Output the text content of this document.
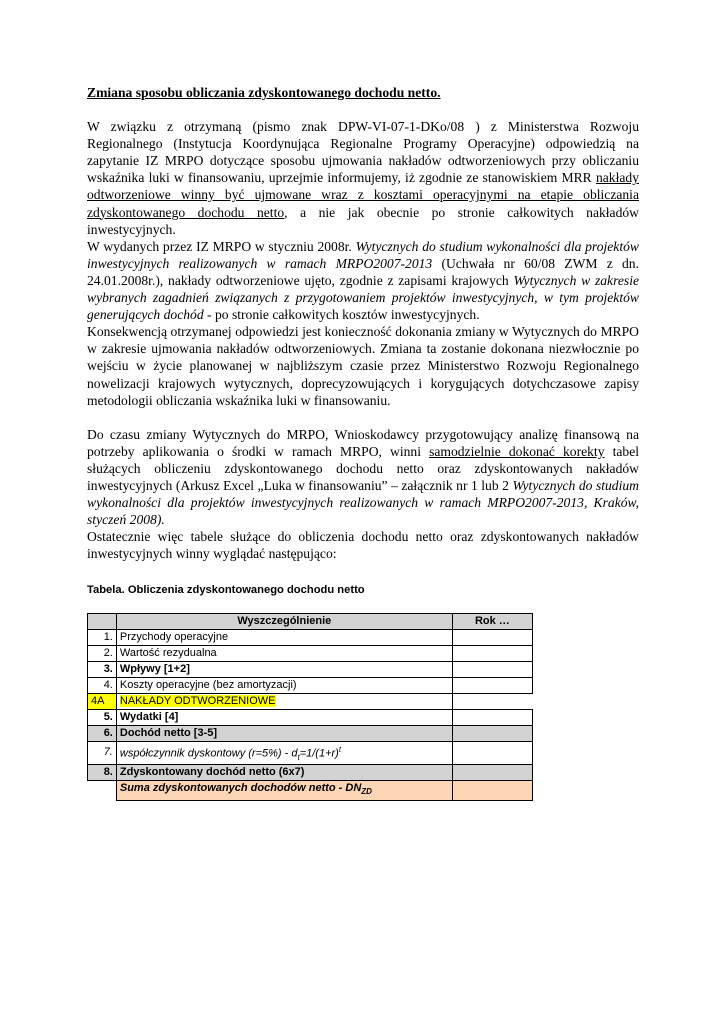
Zmiana sposobu obliczania zdyskontowanego dochodu netto.

W związku z otrzymaną (pismo znak DPW-VI-07-1-DKo/08 ) z Ministerstwa Rozwoju Regionalnego (Instytucja Koordynująca Regionalne Programy Operacyjne) odpowiedzią na zapytanie IZ MRPO dotyczące sposobu ujmowania nakładów odtworzeniowych przy obliczaniu wskaźnika luki w finansowaniu, uprzejmie informujemy, iż zgodnie ze stanowiskiem MRR nakłady odtworzeniowe winny być ujmowane wraz z kosztami operacyjnymi na etapie obliczania zdyskontowanego dochodu netto, a nie jak obecnie po stronie całkowitych nakładów inwestycyjnych.

W wydanych przez IZ MRPO w styczniu 2008r. Wytycznych do studium wykonalności dla projektów inwestycyjnych realizowanych w ramach MRPO2007-2013 (Uchwała nr 60/08 ZWM z dn. 24.01.2008r.), nakłady odtworzeniowe ujęto, zgodnie z zapisami krajowych Wytycznych w zakresie wybranych zagadnień związanych z przygotowaniem projektów inwestycyjnych, w tym projektów generujących dochód - po stronie całkowitych kosztów inwestycyjnych.

Konsekwencją otrzymanej odpowiedzi jest konieczność dokonania zmiany w Wytycznych do MRPO w zakresie ujmowania nakładów odtworzeniowych. Zmiana ta zostanie dokonana niezwłocznie po wejściu w życie planowanej w najbliższym czasie przez Ministerstwo Rozwoju Regionalnego nowelizacji krajowych wytycznych, doprecyzowujących i korygujących dotychczasowe zapisy metodologii obliczania wskaźnika luki w finansowaniu.

Do czasu zmiany Wytycznych do MRPO, Wnioskodawcy przygotowujący analizę finansową na potrzeby aplikowania o środki w ramach MRPO, winni samodzielnie dokonać korekty tabel służących obliczeniu zdyskontowanego dochodu netto oraz zdyskontowanych nakładów inwestycyjnych (Arkusz Excel „Luka w finansowaniu” – załącznik nr 1 lub 2 Wytycznych do studium wykonalności dla projektów inwestycyjnych realizowanych w ramach MRPO2007-2013, Kraków, styczeń 2008).

Ostatecznie więc tabele służące do obliczenia dochodu netto oraz zdyskontowanych nakładów inwestycyjnych winny wyglądać następująco:

Tabela. Obliczenia zdyskontowanego dochodu netto
	Wyszczególnienie	Rok …
1.	Przychody operacyjne	
2.	Wartość rezydualna	
3.	Wpływy [1+2]	
4.	Koszty operacyjne (bez amortyzacji)	
4A	NAKŁADY ODTWORZENIOWE	
5.	Wydatki [4]	
6.	Dochód netto [3-5]	
7.	współczynnik dyskontowy $(r=5\%) - d_t=1/(1+r)^t$	
8.	Zdyskontowany dochód netto (6x7)	
	Suma zdyskontowanych dochodów netto - $DN_{ZD}$	
